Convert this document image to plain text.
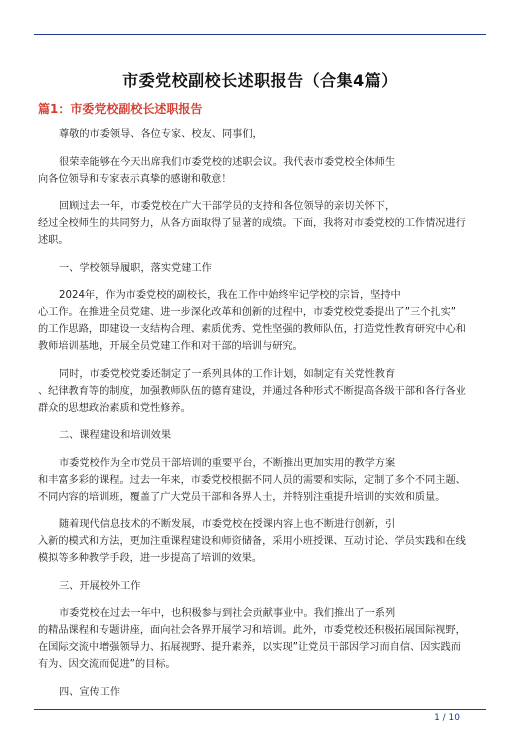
市委党校副校长述职报告（合集4篇）
篇1：市委党校副校长述职报告

尊敬的市委领导、各位专家、校友、同事们，

很荣幸能够在今天出席我们市委党校的述职会议。我代表市委党校全体师生
向各位领导和专家表示真挚的感谢和敬意！

回顾过去一年，市委党校在广大干部学员的支持和各位领导的亲切关怀下，
经过全校师生的共同努力，从各方面取得了显著的成绩。下面，我将对市委党校的工作情况进行
述职。

一、学校领导履职，落实党建工作

2024年，作为市委党校的副校长，我在工作中始终牢记学校的宗旨，坚持中
心工作。在推进全员党建、进一步深化改革和创新的过程中，市委党校党委提出了”三个扎实”
的工作思路，即建设一支结构合理、素质优秀、党性坚强的教师队伍，打造党性教育研究中心和
教师培训基地，开展全员党建工作和对干部的培训与研究。

同时，市委党校党委还制定了一系列具体的工作计划，如制定有关党性教育
、纪律教育等的制度，加强教师队伍的德育建设，并通过各种形式不断提高各级干部和各行各业
群众的思想政治素质和党性修养。

二、课程建设和培训效果

市委党校作为全市党员干部培训的重要平台，不断推出更加实用的教学方案
和丰富多彩的课程。过去一年来，市委党校根据不同人员的需要和实际，定制了多个不同主题、
不同内容的培训班，覆盖了广大党员干部和各界人士，并特别注重提升培训的实效和质量。

随着现代信息技术的不断发展，市委党校在授课内容上也不断进行创新，引
入新的模式和方法，更加注重课程建设和师资储备，采用小班授课、互动讨论、学员实践和在线
模拟等多种教学手段，进一步提高了培训的效果。

三、开展校外工作

市委党校在过去一年中，也积极参与到社会贡献事业中。我们推出了一系列
的精品课程和专题讲座，面向社会各界开展学习和培训。此外，市委党校还积极拓展国际视野，
在国际交流中增强领导力、拓展视野、提升素养，以实现”让党员干部因学习而自信、因实践而
有为、因交流而促进”的目标。

四、宣传工作

1 / 10
